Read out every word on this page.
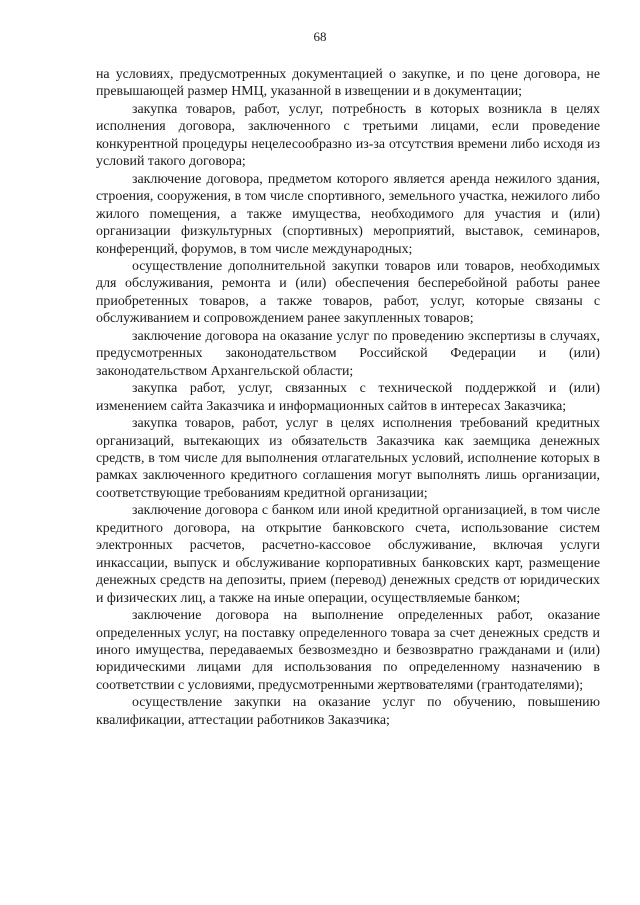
68

на условиях, предусмотренных документацией о закупке, и по цене договора, не превышающей размер НМЦ, указанной в извещении и в документации;

закупка товаров, работ, услуг, потребность в которых возникла в целях исполнения договора, заключенного с третьими лицами, если проведение конкурентной процедуры нецелесообразно из-за отсутствия времени либо исходя из условий такого договора;

заключение договора, предметом которого является аренда нежилого здания, строения, сооружения, в том числе спортивного, земельного участка, нежилого либо жилого помещения, а также имущества, необходимого для участия и (или) организации физкультурных (спортивных) мероприятий, выставок, семинаров, конференций, форумов, в том числе международных;

осуществление дополнительной закупки товаров или товаров, необходимых для обслуживания, ремонта и (или) обеспечения бесперебойной работы ранее приобретенных товаров, а также товаров, работ, услуг, которые связаны с обслуживанием и сопровождением ранее закупленных товаров;

заключение договора на оказание услуг по проведению экспертизы в случаях, предусмотренных законодательством Российской Федерации и (или) законодательством Архангельской области;

закупка работ, услуг, связанных с технической поддержкой и (или) изменением сайта Заказчика и информационных сайтов в интересах Заказчика;

закупка товаров, работ, услуг в целях исполнения требований кредитных организаций, вытекающих из обязательств Заказчика как заемщика денежных средств, в том числе для выполнения отлагательных условий, исполнение которых в рамках заключенного кредитного соглашения могут выполнять лишь организации, соответствующие требованиям кредитной организации;

заключение договора с банком или иной кредитной организацией, в том числе кредитного договора, на открытие банковского счета, использование систем электронных расчетов, расчетно-кассовое обслуживание, включая услуги инкассации, выпуск и обслуживание корпоративных банковских карт, размещение денежных средств на депозиты, прием (перевод) денежных средств от юридических и физических лиц, а также на иные операции, осуществляемые банком;

заключение договора на выполнение определенных работ, оказание определенных услуг, на поставку определенного товара за счет денежных средств и иного имущества, передаваемых безвозмездно и безвозвратно гражданами и (или) юридическими лицами для использования по определенному назначению в соответствии с условиями, предусмотренными жертвователями (грантодателями);

осуществление закупки на оказание услуг по обучению, повышению квалификации, аттестации работников Заказчика;
